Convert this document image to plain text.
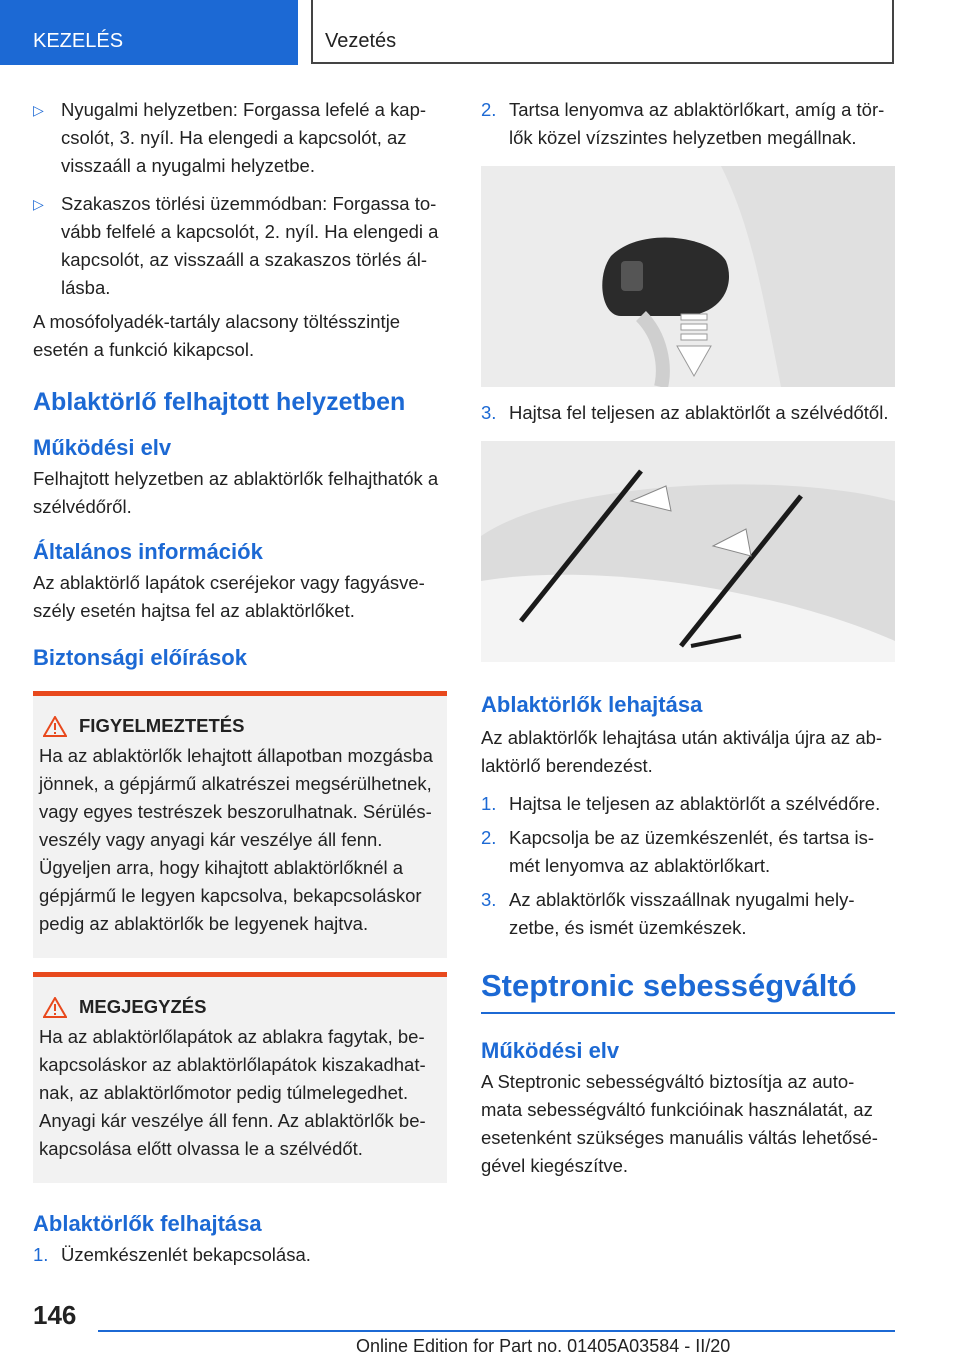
KEZELÉS	Vezetés
▷ Nyugalmi helyzetben: Forgassa lefelé a kap-csolót, 3. nyíl. Ha elengedi a kapcsolót, az visszaáll a nyugalmi helyzetbe.
▷ Szakaszos törlési üzemmódban: Forgassa to-vább felfelé a kapcsolót, 2. nyíl. Ha elengedi a kapcsolót, az visszaáll a szakaszos törlés ál-lásba.

A mosófolyadék-tartály alacsony töltésszintje esetén a funkció kikapcsol.

Ablaktörlő felhajtott helyzetben
Működési elv

Felhajtott helyzetben az ablaktörlők felhajthatók a szélvédőről.

Általános információk

Az ablaktörlő lapátok cseréjekor vagy fagyásve-szély esetén hajtsa fel az ablaktörlőket.

Biztonsági előírások
FIGYELMEZTETÉS

Ha az ablaktörlők lehajtott állapotban mozgásba jönnek, a gépjármű alkatrészei megsérülhetnek, vagy egyes testrészek beszorulhatnak. Sérülés-veszély vagy anyagi kár veszélye áll fenn. Ügyeljen arra, hogy kihajtott ablaktörlőknél a gépjármű le legyen kapcsolva, bekapcsoláskor pedig az ablaktörlők be legyenek hajtva.

MEGJEGYZÉS

Ha az ablaktörlőlapátok az ablakra fagytak, be-kapcsoláskor az ablaktörlőlapátok kiszakadhat-nak, az ablaktörlőmotor pedig túlmelegedhet. Anyagi kár veszélye áll fenn. Az ablaktörlők be-kapcsolása előtt olvassa le a szélvédőt.

Ablaktörlők felhajtása
1. Üzemkészenlét bekapcsolása.
2. Tartsa lenyomva az ablaktörlőkart, amíg a tör-lők közel vízszintes helyzetben megállnak.
3. Hajtsa fel teljesen az ablaktörlőt a szélvédőtől.
Ablaktörlők lehajtása

Az ablaktörlők lehajtása után aktiválja újra az ab-laktörlő berendezést.

1. Hajtsa le teljesen az ablaktörlőt a szélvédőre.
2. Kapcsolja be az üzemkészenlét, és tartsa is-mét lenyomva az ablaktörlőkart.
3. Az ablaktörlők visszaállnak nyugalmi hely-zetbe, és ismét üzemkészek.
Steptronic sebességváltó
Működési elv

A Steptronic sebességváltó biztosítja az auto-mata sebességváltó funkcióinak használatát, az esetenként szükséges manuális váltás lehetősé-gével kiegészítve.

146
Online Edition for Part no. 01405A03584 - II/20
